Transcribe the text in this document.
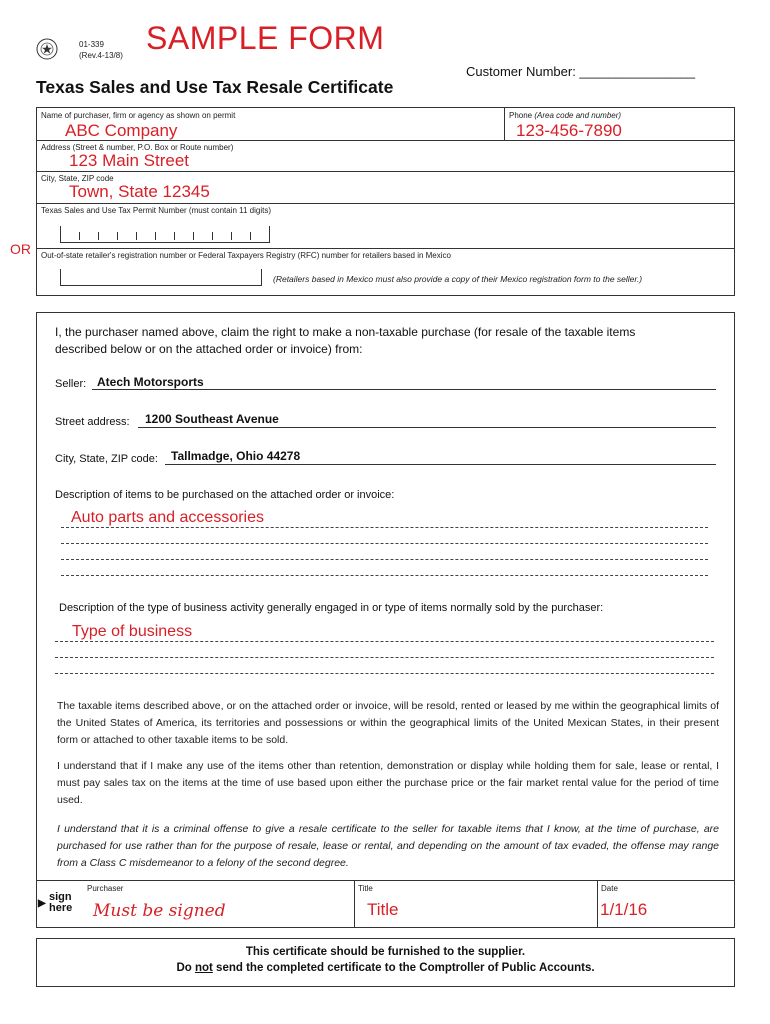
01-339
(Rev.4-13/8) SAMPLE FORM
Texas Sales and Use Tax Resale Certificate
Customer Number: ________________
Name of purchaser, firm or agency as shown on permit
ABC Company
Phone (Area code and number)
123-456-7890
Address (Street & number, P.O. Box or Route number)
123 Main Street
City, State, ZIP code
Town, State 12345
Texas Sales and Use Tax Permit Number (must contain 11 digits)
Out-of-state retailer's registration number or Federal Taxpayers Registry (RFC) number for retailers based in Mexico
(Retailers based in Mexico must also provide a copy of their Mexico registration form to the seller.)
OR
I, the purchaser named above, claim the right to make a non-taxable purchase (for resale of the taxable items described below or on the attached order or invoice) from:
Seller: Atech Motorsports
Street address: 1200 Southeast Avenue
City, State, ZIP code: Tallmadge, Ohio 44278
Description of items to be purchased on the attached order or invoice:
Auto parts and accessories
Description of the type of business activity generally engaged in or type of items normally sold by the purchaser:
Type of business
The taxable items described above, or on the attached order or invoice, will be resold, rented or leased by me within the geographical limits of the United States of America, its territories and possessions or within the geographical limits of the United Mexican States, in their present form or attached to other taxable items to be sold.
I understand that if I make any use of the items other than retention, demonstration or display while holding them for sale, lease or rental, I must pay sales tax on the items at the time of use based upon either the purchase price or the fair market rental value for the period of time used.
I understand that it is a criminal offense to give a resale certificate to the seller for taxable items that I know, at the time of purchase, are purchased for use rather than for the purpose of resale, lease or rental, and depending on the amount of tax evaded, the offense may range from a Class C misdemeanor to a felony of the second degree.
▶
sign
here
Purchaser
Must be signed
Title
Title
Date
1/1/16
This certificate should be furnished to the supplier.
Do not send the completed certificate to the Comptroller of Public Accounts.
